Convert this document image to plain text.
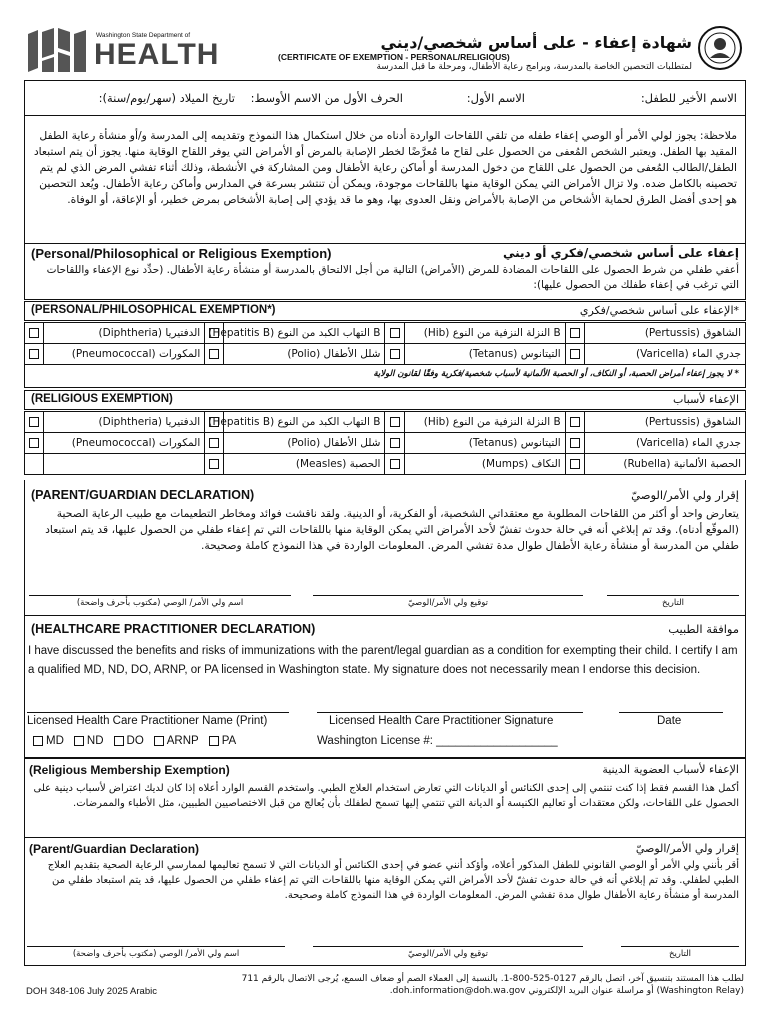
Washington State Department of
HEALTH	شهادة إعفاء - على أساس شخصي/ديني
(CERTIFICATE OF EXEMPTION - PERSONAL/RELIGIOUS)
لمتطلبات التحصين الخاصة بالمدرسة، وبرامج رعاية الأطفال، ومرحلة ما قبل المدرسة
الاسم الأخير للطفل:
الاسم الأول:
الحرف الأول من الاسم الأوسط:
تاريخ الميلاد (سهر/يوم/سنة):
ملاحظة: يجوز لولي الأمر أو الوصي إعفاء طفله من تلقي اللقاحات الواردة أدناه من خلال استكمال هذا النموذج وتقديمه إلى المدرسة و/أو منشأة رعاية الطفل المقيد بها الطفل. ويعتبر الشخص المُعفى من الحصول على لقاح ما مُعرَّضًا لخطر الإصابة بالمرض أو الأمراض التي يوفر اللقاح الوقاية منها. يجوز أن يتم استبعاد الطفل/الطالب المُعفى من الحصول على اللقاح من دخول المدرسة أو أماكن رعاية الأطفال ومن المشاركة في الأنشطة، وذلك أثناء تفشي المرض الذي لم يتم تحصينه بالكامل ضده. ولا تزال الأمراض التي يمكن الوقاية منها باللقاحات موجودة، ويمكن أن تنتشر بسرعة في المدارس وأماكن رعاية الأطفال. ويُعد التحصين هو إحدى أفضل الطرق لحماية الأشخاص من الإصابة بالأمراض ونقل العدوى بها، وهو ما قد يؤدي إلى إصابة الأشخاص بمرض خطير، أو الإعاقة، أو الوفاة.
(Personal/Philosophical or Religious Exemption)	إعفاء على أساس شخصي/فكري أو ديني
أعفي طفلي من شرط الحصول على اللقاحات المضادة للمرض (الأمراض) التالية من أجل الالتحاق بالمدرسة أو منشأة رعاية الأطفال. (حدِّد نوع الإعفاء واللقاحات التي ترغب في إعفاء طفلك من الحصول عليها):
(PERSONAL/PHILOSOPHICAL EXEMPTION*)	الإعفاء على أساس شخصي/فكري*
	الدفتيريا (Diphtheria)		B التهاب الكبد من النوع (Hepatitis B)		B النزلة النزفية من النوع (Hib)		الشاهوق (Pertussis)
	المكورات (Pneumococcal)		شلل الأطفال (Polio)		التيتانوس (Tetanus)		جدري الماء (Varicella)
* لا يجوز إعفاء أمراض الحصبة، أو النكاف، أو الحصبة الألمانية لأسباب شخصية/فكرية وفقًا لقانون الولاية
(RELIGIOUS EXEMPTION)	الإعفاء لأسباب
	الدفتيريا (Diphtheria)		B التهاب الكبد من النوع (Hepatitis B)		B النزلة النزفية من النوع (Hib)		الشاهوق (Pertussis)
	المكورات (Pneumococcal)		شلل الأطفال (Polio)		التيتانوس (Tetanus)		جدري الماء (Varicella)
			الحصبة (Measles)		النكاف (Mumps)		الحصبة الألمانية (Rubella)
(PARENT/GUARDIAN DECLARATION)	إقرار ولي الأمر/الوصيّ
يتعارض واحد أو أكثر من اللقاحات المطلوبة مع معتقداتي الشخصية، أو الفكرية، أو الدينية. ولقد ناقشت فوائد ومخاطر التطعيمات مع طبيب الرعاية الصحية (الموقّع أدناه). وقد تم إبلاغي أنه في حالة حدوث تفشّ لأحد الأمراض التي يمكن الوقاية منها باللقاحات التي تم إعفاء طفلي من الحصول عليها، قد يتم استبعاد طفلي من المدرسة أو منشأة رعاية الأطفال طوال مدة تفشي المرض. المعلومات الواردة في هذا النموذج كاملة وصحيحة.
اسم ولي الأمر/ الوصي (مكتوب بأحرف واضحة)	توقيع ولي الأمر/الوصيّ	التاريخ
(HEALTHCARE PRACTITIONER DECLARATION)	موافقة الطبيب
I have discussed the benefits and risks of immunizations with the parent/legal guardian as a condition for exempting their child. I certify I am a qualified MD, ND, DO, ARNP, or PA licensed in Washington state. My signature does not necessarily mean I endorse this decision.
Licensed Health Care Practitioner Name (Print)	Licensed Health Care Practitioner Signature	Date
MD ND DO ARNP PA	Washington License #: ___________________
(Religious Membership Exemption)	الإعفاء لأسباب العضوية الدينية
أكمل هذا القسم فقط إذا كنت تنتمي إلى إحدى الكنائس أو الديانات التي تعارض استخدام العلاج الطبي. واستخدم القسم الوارد أعلاه إذا كان لديك اعتراض لأسباب دينية على الحصول على اللقاحات، ولكن معتقدات أو تعاليم الكنيسة أو الديانة التي تنتمي إليها تسمح لطفلك بأن يُعالج من قبل الاختصاصيين الطبيين، مثل الأطباء والممرضات.
(Parent/Guardian Declaration)	إقرار ولي الأمر/الوصيّ
أقر بأنني ولي الأمر أو الوصي القانوني للطفل المذكور أعلاه، وأؤكد أنني عضو في إحدى الكنائس أو الديانات التي لا تسمح تعاليمها لممارسي الرعاية الصحية بتقديم العلاج الطبي لطفلي. وقد تم إبلاغي أنه في حالة حدوث تفشّ لأحد الأمراض التي يمكن الوقاية منها باللقاحات التي تم إعفاء طفلي من الحصول عليها، قد يتم استبعاد طفلي من المدرسة أو منشأة رعاية الأطفال طوال مدة تفشي المرض. المعلومات الواردة في هذا النموذج كاملة وصحيحة.
اسم ولي الأمر/ الوصي (مكتوب بأحرف واضحة)	توقيع ولي الأمر/الوصيّ	التاريخ
لطلب هذا المستند بتنسيق آخر، اتصل بالرقم 0127-525-800-1. بالنسبة إلى العملاء الصم أو ضعاف السمع، يُرجى الاتصال بالرقم 711 (Washington Relay) أو مراسلة عنوان البريد الإلكتروني doh.information@doh.wa.gov.
DOH 348-106 July 2025 Arabic
